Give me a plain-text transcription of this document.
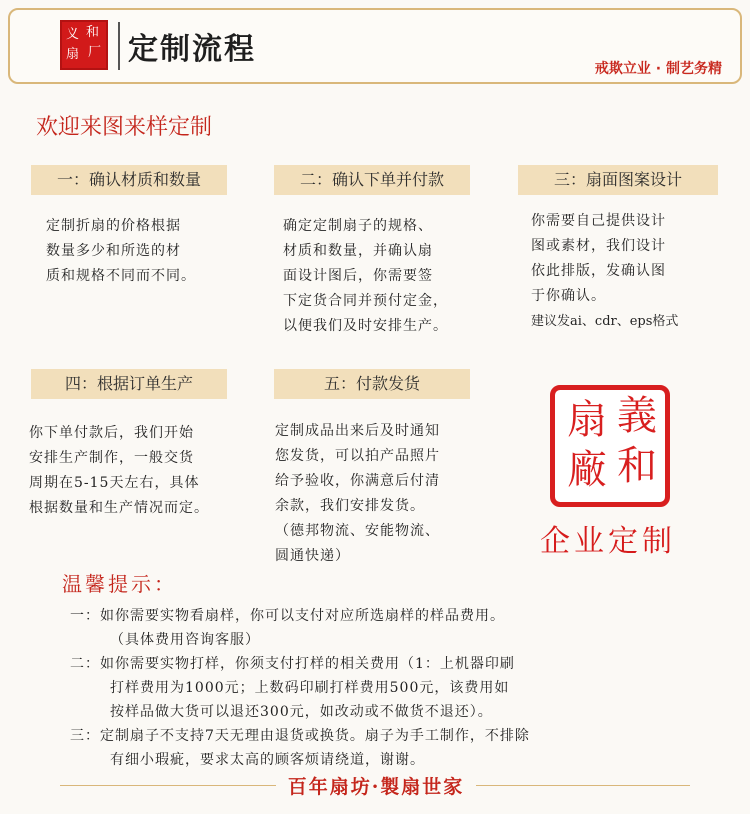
义 和
扇 厂 定制流程
戒欺立业 · 制艺务精
欢迎来图来样定制
一：确认材质和数量
定制折扇的价格根据
数量多少和所选的材
质和规格不同而不同。
二：确认下单并付款
确定定制扇子的规格、
材质和数量，并确认扇
面设计图后，你需要签
下定货合同并预付定金，
以便我们及时安排生产。
三：扇面图案设计
你需要自己提供设计
图或素材，我们设计
依此排版，发确认图
于你确认。
建议发ai、cdr、eps格式
四：根据订单生产
你下单付款后，我们开始
安排生产制作，一般交货
周期在5-15天左右，具体
根据数量和生产情况而定。
五：付款发货
定制成品出来后及时通知
您发货，可以拍产品照片
给予验收，你满意后付清
余款，我们安排发货。
（德邦物流、安能物流、
圆通快递）
扇 義
廠 和
企业定制
温馨提示：
一：如你需要实物看扇样，你可以支付对应所选扇样的样品费用。
（具体费用咨询客服）
二：如你需要实物打样，你须支付打样的相关费用（1：上机器印刷
打样费用为1000元；上数码印刷打样费用500元，该费用如
按样品做大货可以退还300元，如改动或不做货不退还）。
三：定制扇子不支持7天无理由退货或换货。扇子为手工制作，不排除
有细小瑕疵，要求太高的顾客烦请绕道，谢谢。
百年扇坊·製扇世家
